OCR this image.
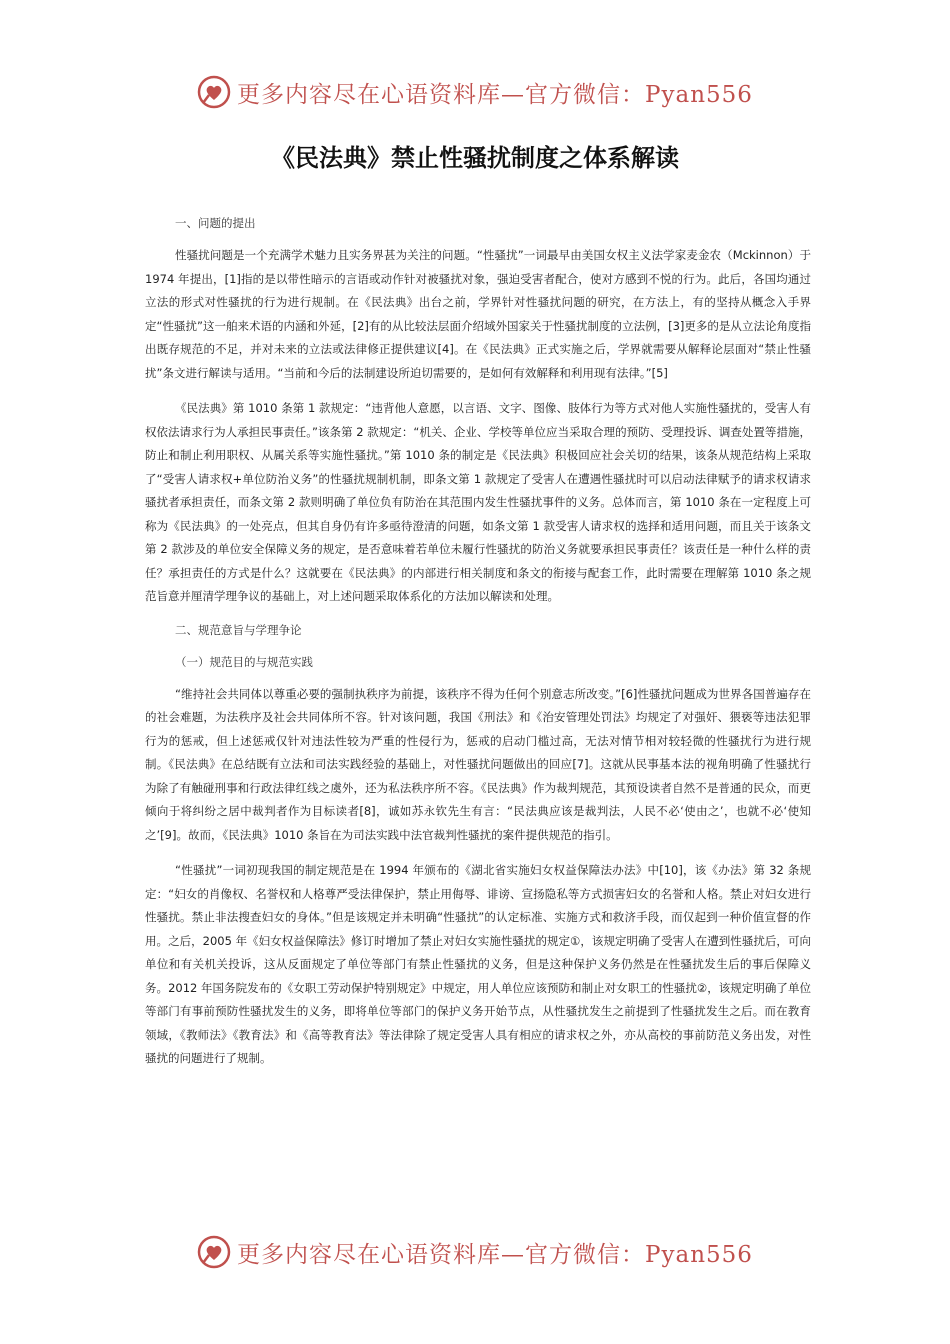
更多内容尽在心语资料库—官方微信：Pyan556
《民法典》禁止性骚扰制度之体系解读
一、问题的提出

性骚扰问题是一个充满学术魅力且实务界甚为关注的问题。“性骚扰”一词最早由美国女权主义法学家麦金农（Mckinnon）于 1974 年提出，[1]指的是以带性暗示的言语或动作针对被骚扰对象，强迫受害者配合，使对方感到不悦的行为。此后，各国均通过立法的形式对性骚扰的行为进行规制。在《民法典》出台之前，学界针对性骚扰问题的研究，在方法上，有的坚持从概念入手界定“性骚扰”这一舶来术语的内涵和外延，[2]有的从比较法层面介绍域外国家关于性骚扰制度的立法例，[3]更多的是从立法论角度指出既存规范的不足，并对未来的立法或法律修正提供建议[4]。在《民法典》正式实施之后，学界就需要从解释论层面对“禁止性骚扰”条文进行解读与适用。“当前和今后的法制建设所迫切需要的，是如何有效解释和利用现有法律。”[5]

《民法典》第 1010 条第 1 款规定：“违背他人意愿，以言语、文字、图像、肢体行为等方式对他人实施性骚扰的，受害人有权依法请求行为人承担民事责任。”该条第 2 款规定：“机关、企业、学校等单位应当采取合理的预防、受理投诉、调查处置等措施，防止和制止利用职权、从属关系等实施性骚扰。”第 1010 条的制定是《民法典》积极回应社会关切的结果，该条从规范结构上采取了“受害人请求权+单位防治义务”的性骚扰规制机制，即条文第 1 款规定了受害人在遭遇性骚扰时可以启动法律赋予的请求权请求骚扰者承担责任，而条文第 2 款则明确了单位负有防治在其范围内发生性骚扰事件的义务。总体而言，第 1010 条在一定程度上可称为《民法典》的一处亮点，但其自身仍有许多亟待澄清的问题，如条文第 1 款受害人请求权的选择和适用问题，而且关于该条文第 2 款涉及的单位安全保障义务的规定，是否意味着若单位未履行性骚扰的防治义务就要承担民事责任？该责任是一种什么样的责任？承担责任的方式是什么？这就要在《民法典》的内部进行相关制度和条文的衔接与配套工作，此时需要在理解第 1010 条之规范旨意并厘清学理争议的基础上，对上述问题采取体系化的方法加以解读和处理。

二、规范意旨与学理争论
（一）规范目的与规范实践

“维持社会共同体以尊重必要的强制执秩序为前提，该秩序不得为任何个别意志所改变。”[6]性骚扰问题成为世界各国普遍存在的社会难题，为法秩序及社会共同体所不容。针对该问题，我国《刑法》和《治安管理处罚法》均规定了对强奸、猥亵等违法犯罪行为的惩戒，但上述惩戒仅针对违法性较为严重的性侵行为，惩戒的启动门槛过高，无法对情节相对较轻微的性骚扰行为进行规制。《民法典》在总结既有立法和司法实践经验的基础上，对性骚扰问题做出的回应[7]。这就从民事基本法的视角明确了性骚扰行为除了有触碰刑事和行政法律红线之虞外，还为私法秩序所不容。《民法典》作为裁判规范，其预设读者自然不是普通的民众，而更倾向于将纠纷之居中裁判者作为目标读者[8]，诚如苏永钦先生有言：“民法典应该是裁判法，人民不必‘使由之’，也就不必‘使知之’[9]。故而，《民法典》1010 条旨在为司法实践中法官裁判性骚扰的案件提供规范的指引。

“性骚扰”一词初现我国的制定规范是在 1994 年颁布的《湖北省实施妇女权益保障法办法》中[10]，该《办法》第 32 条规定：“妇女的肖像权、名誉权和人格尊严受法律保护，禁止用侮辱、诽谤、宣扬隐私等方式损害妇女的名誉和人格。禁止对妇女进行性骚扰。禁止非法搜查妇女的身体。”但是该规定并未明确“性骚扰”的认定标准、实施方式和救济手段，而仅起到一种价值宣督的作用。之后，2005 年《妇女权益保障法》修订时增加了禁止对妇女实施性骚扰的规定①，该规定明确了受害人在遭到性骚扰后，可向单位和有关机关投诉，这从反面规定了单位等部门有禁止性骚扰的义务，但是这种保护义务仍然是在性骚扰发生后的事后保障义务。2012 年国务院发布的《女职工劳动保护特别规定》中规定，用人单位应该预防和制止对女职工的性骚扰②，该规定明确了单位等部门有事前预防性骚扰发生的义务，即将单位等部门的保护义务开始节点，从性骚扰发生之前提到了性骚扰发生之后。而在教育领域，《教师法》《教育法》和《高等教育法》等法律除了规定受害人具有相应的请求权之外，亦从高校的事前防范义务出发，对性骚扰的问题进行了规制。

更多内容尽在心语资料库—官方微信：Pyan556
